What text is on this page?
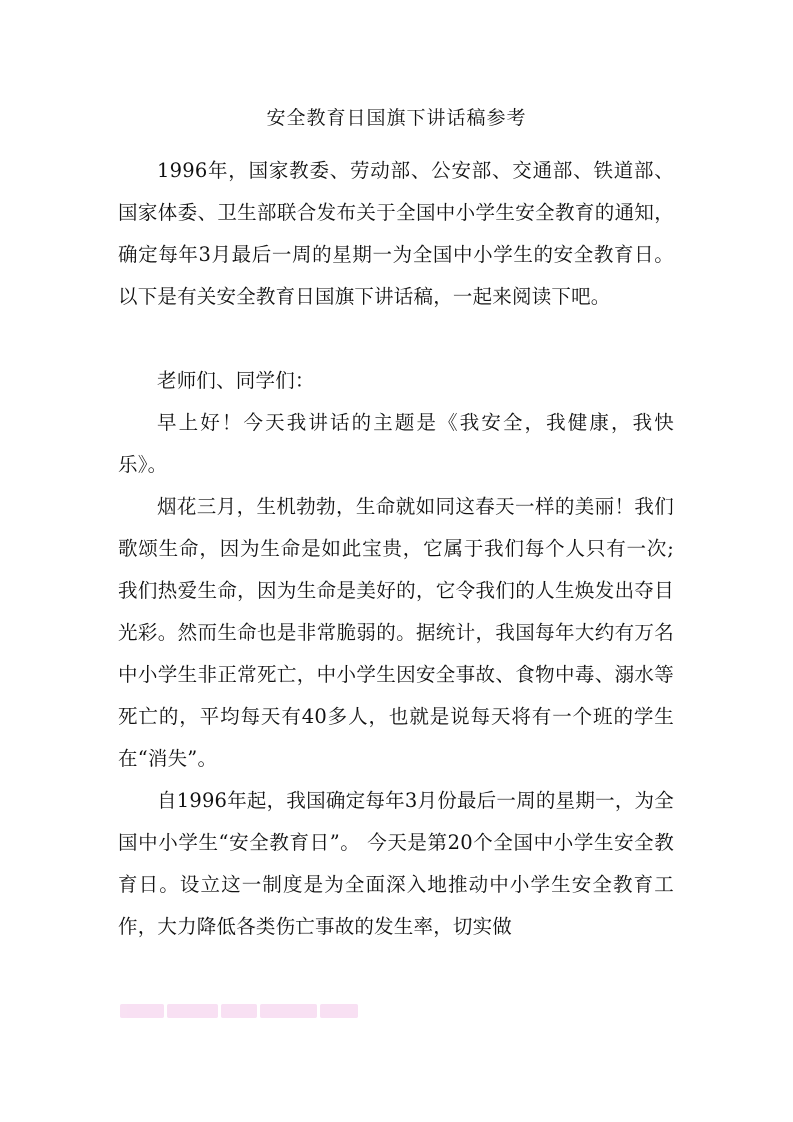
安全教育日国旗下讲话稿参考

1996年，国家教委、劳动部、公安部、交通部、铁道部、国家体委、卫生部联合发布关于全国中小学生安全教育的通知，确定每年3月最后一周的星期一为全国中小学生的安全教育日。以下是有关安全教育日国旗下讲话稿，一起来阅读下吧。

老师们、同学们：

早上好！今天我讲话的主题是《我安全，我健康，我快乐》。

烟花三月，生机勃勃，生命就如同这春天一样的美丽！我们歌颂生命，因为生命是如此宝贵，它属于我们每个人只有一次;我们热爱生命，因为生命是美好的，它令我们的人生焕发出夺目光彩。然而生命也是非常脆弱的。据统计，我国每年大约有万名中小学生非正常死亡，中小学生因安全事故、食物中毒、溺水等死亡的，平均每天有40多人，也就是说每天将有一个班的学生在“消失”。

自1996年起，我国确定每年3月份最后一周的星期一，为全国中小学生“安全教育日”。 今天是第20个全国中小学生安全教育日。设立这一制度是为全面深入地推动中小学生安全教育工作，大力降低各类伤亡事故的发生率，切实做
